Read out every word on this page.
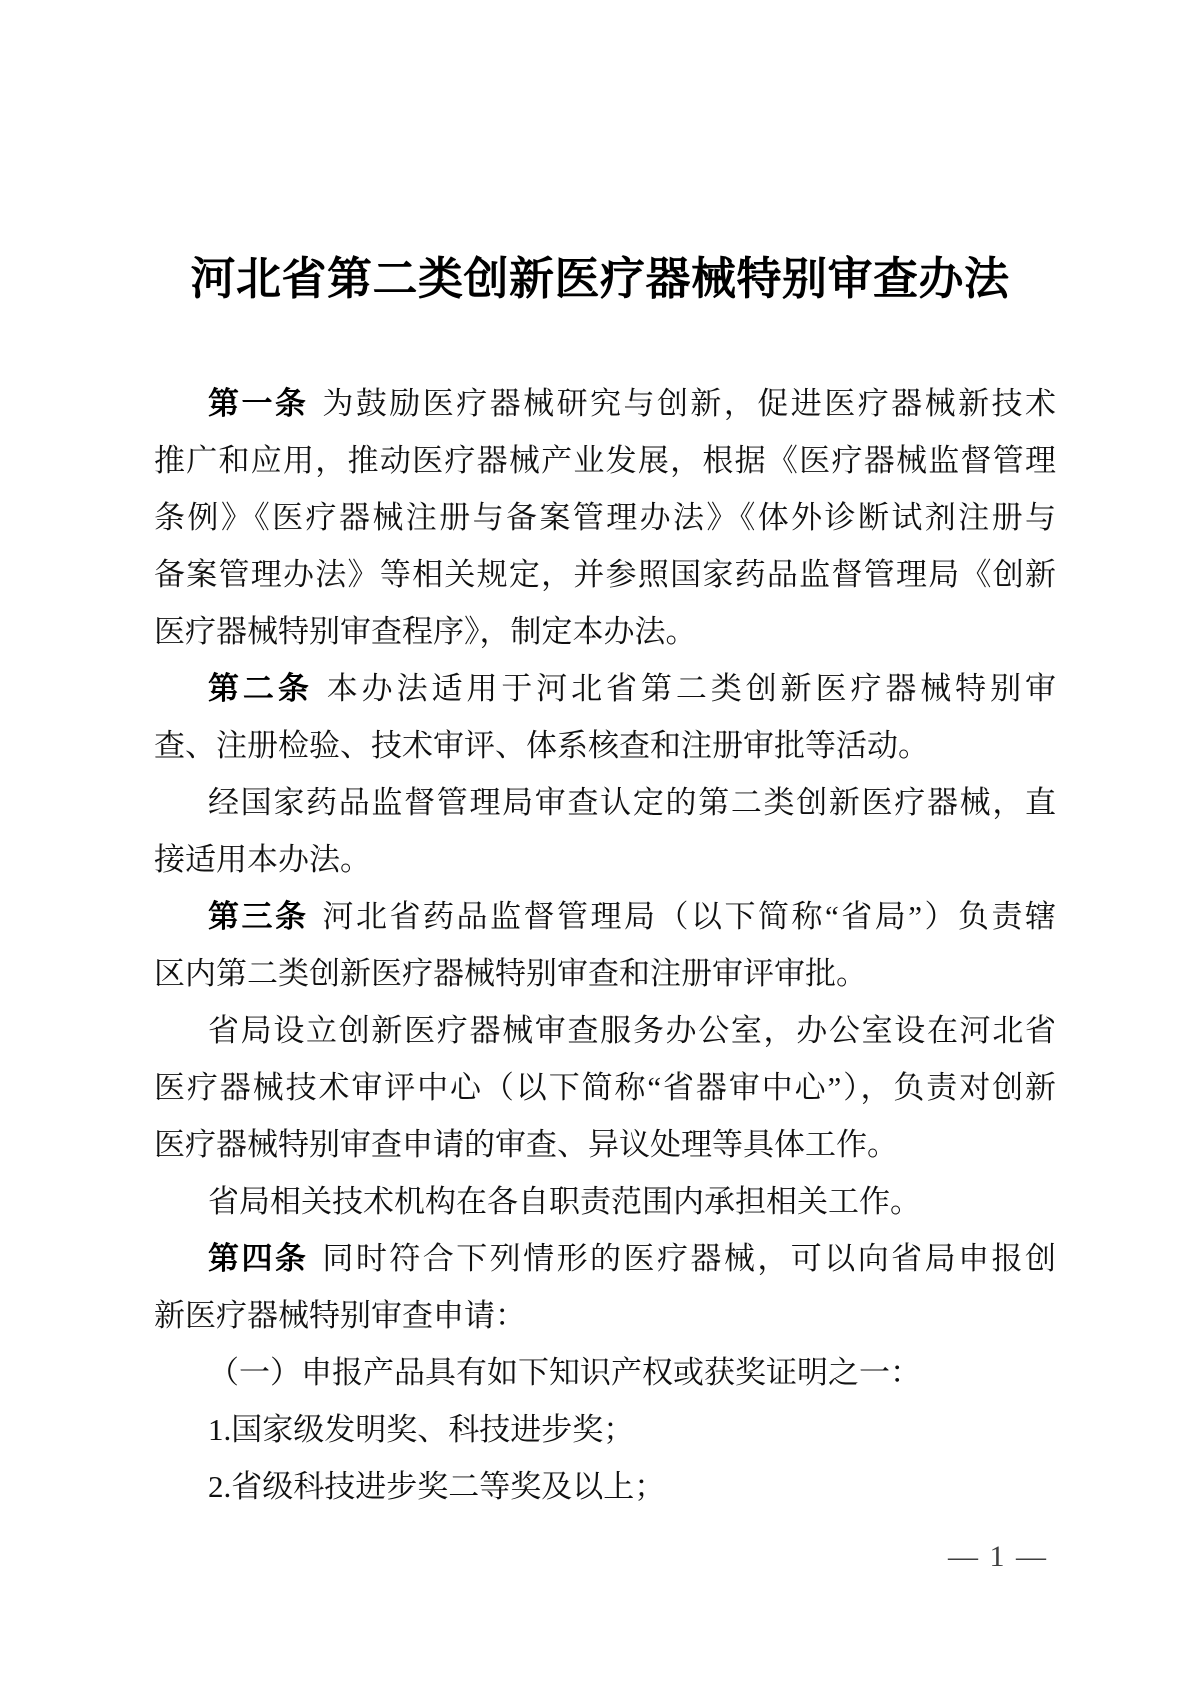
河北省第二类创新医疗器械特别审查办法
第一条 为鼓励医疗器械研究与创新，促进医疗器械新技术
推广和应用，推动医疗器械产业发展，根据《医疗器械监督管理
条例》《医疗器械注册与备案管理办法》《体外诊断试剂注册与
备案管理办法》等相关规定，并参照国家药品监督管理局《创新
医疗器械特别审查程序》，制定本办法。
第二条 本办法适用于河北省第二类创新医疗器械特别审
查、注册检验、技术审评、体系核查和注册审批等活动。
经国家药品监督管理局审查认定的第二类创新医疗器械，直
接适用本办法。
第三条 河北省药品监督管理局（以下简称“省局”）负责辖
区内第二类创新医疗器械特别审查和注册审评审批。
省局设立创新医疗器械审查服务办公室，办公室设在河北省
医疗器械技术审评中心（以下简称“省器审中心”），负责对创新
医疗器械特别审查申请的审查、异议处理等具体工作。
省局相关技术机构在各自职责范围内承担相关工作。
第四条 同时符合下列情形的医疗器械，可以向省局申报创
新医疗器械特别审查申请：
（一）申报产品具有如下知识产权或获奖证明之一：
1.国家级发明奖、科技进步奖；
2.省级科技进步奖二等奖及以上；
— 1 —
